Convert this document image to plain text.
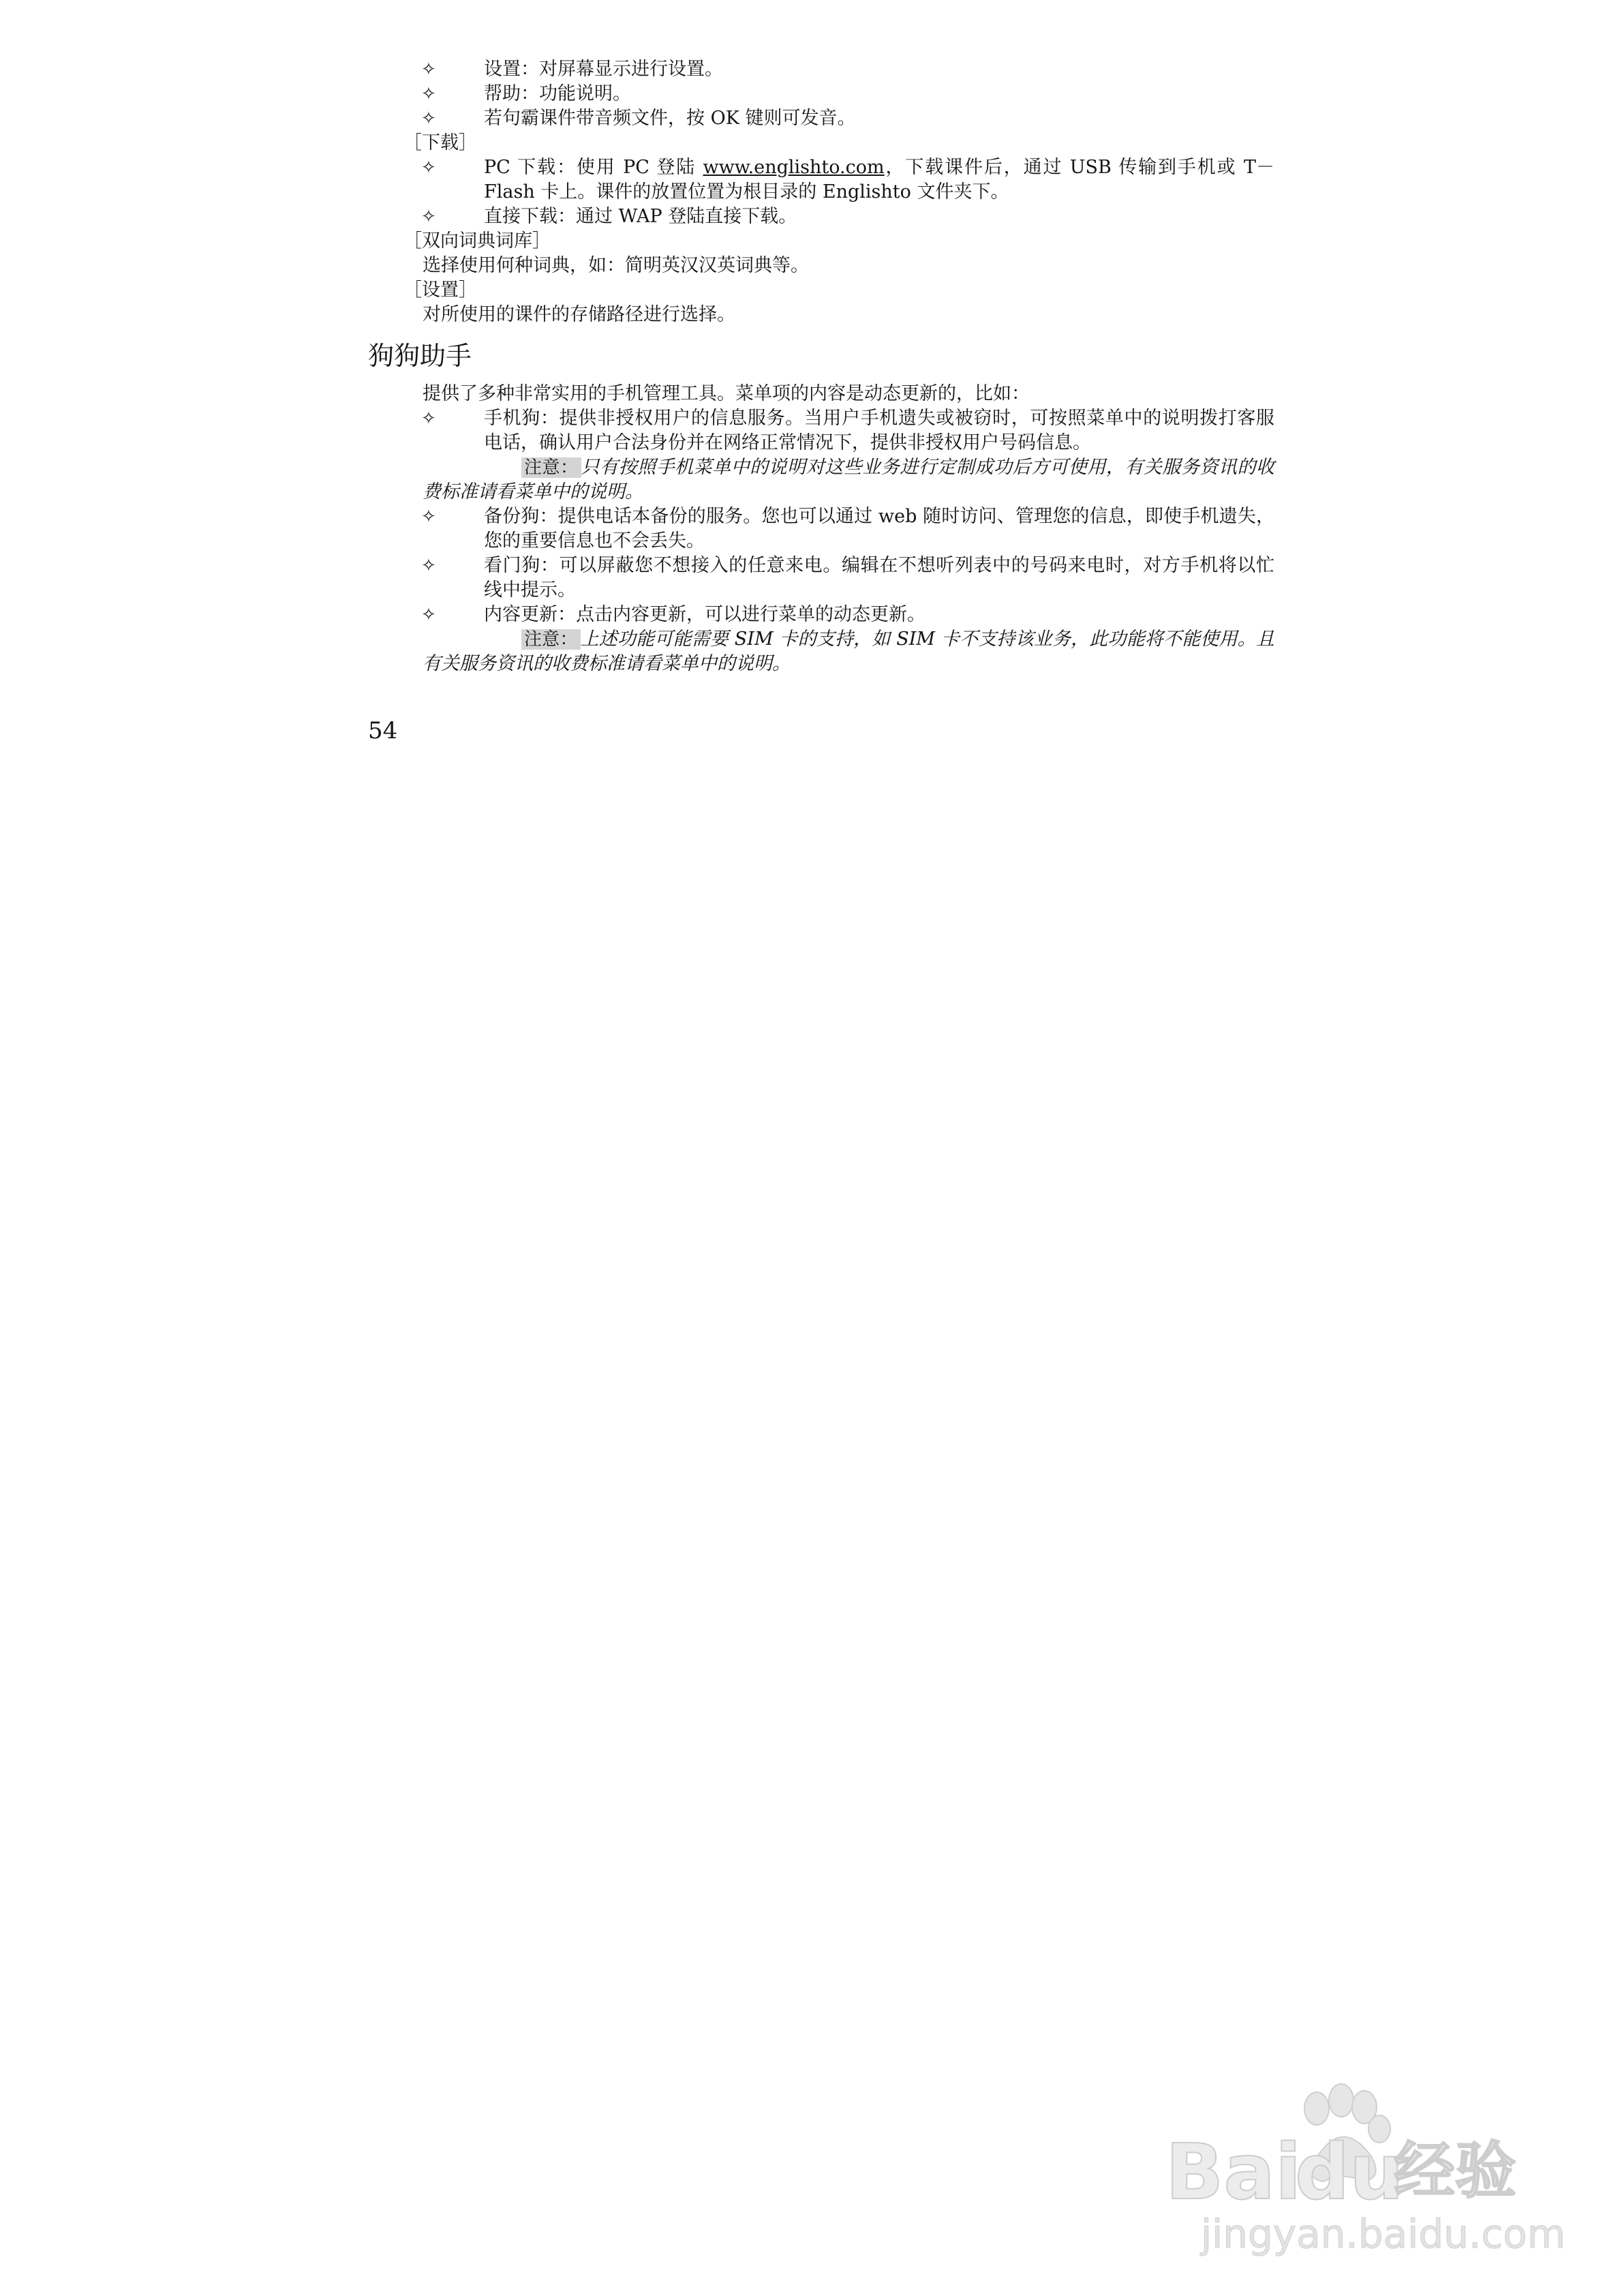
✧	设置：对屏幕显示进行设置。
✧	帮助：功能说明。
✧	若句霸课件带音频文件，按 OK 键则可发音。
［下载］
✧	PC 下载：使用 PC 登陆 www.englishto.com，下载课件后，通过 USB 传输到手机或 T－Flash 卡上。课件的放置位置为根目录的 Englishto 文件夹下。
✧	直接下载：通过 WAP 登陆直接下载。
［双向词典词库］
选择使用何种词典，如：简明英汉汉英词典等。
［设置］
对所使用的课件的存储路径进行选择。
狗狗助手
提供了多种非常实用的手机管理工具。菜单项的内容是动态更新的，比如：
✧	手机狗：提供非授权用户的信息服务。当用户手机遗失或被窃时，可按照菜单中的说明拨打客服电话，确认用户合法身份并在网络正常情况下，提供非授权用户号码信息。
注意： 只有按照手机菜单中的说明对这些业务进行定制成功后方可使用，有关服务资讯的收费标准请看菜单中的说明。
✧	备份狗：提供电话本备份的服务。您也可以通过 web 随时访问、管理您的信息，即使手机遗失，您的重要信息也不会丢失。
✧	看门狗：可以屏蔽您不想接入的任意来电。编辑在不想听列表中的号码来电时，对方手机将以忙线中提示。
✧	内容更新：点击内容更新，可以进行菜单的动态更新。
注意： 上述功能可能需要 SIM 卡的支持，如 SIM 卡不支持该业务，此功能将不能使用。且有关服务资讯的收费标准请看菜单中的说明。
54
Bai
du
经验
jingyan.baidu.com
